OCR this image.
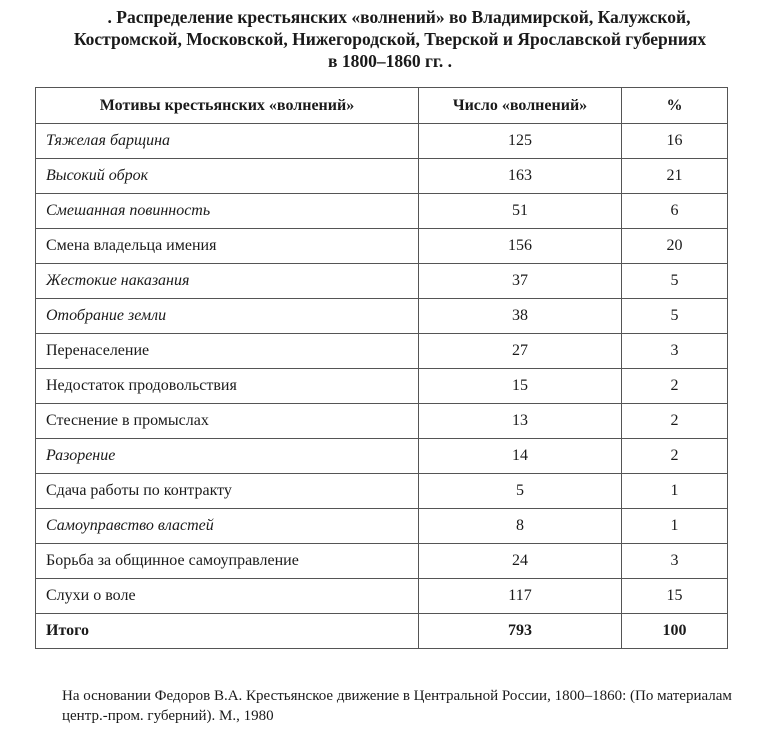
. Распределение крестьянских «волнений» во Владимирской, Калужской,
Костромской, Московской, Нижегородской, Тверской и Ярославской губерниях
в 1800–1860 гг. .
Мотивы крестьянских «волнений»	Число «волнений»	%
Тяжелая барщина	125	16
Высокий оброк	163	21
Смешанная повинность	51	6
Смена владельца имения	156	20
Жестокие наказания	37	5
Отобрание земли	38	5
Перенаселение	27	3
Недостаток продовольствия	15	2
Стеснение в промыслах	13	2
Разорение	14	2
Сдача работы по контракту	5	1
Самоуправство властей	8	1
Борьба за общинное самоуправление	24	3
Слухи о воле	117	15
Итого	793	100
На основании Федоров В.А. Крестьянское движение в Центральной России, 1800–1860: (По материалам центр.-пром. губерний). М., 1980
